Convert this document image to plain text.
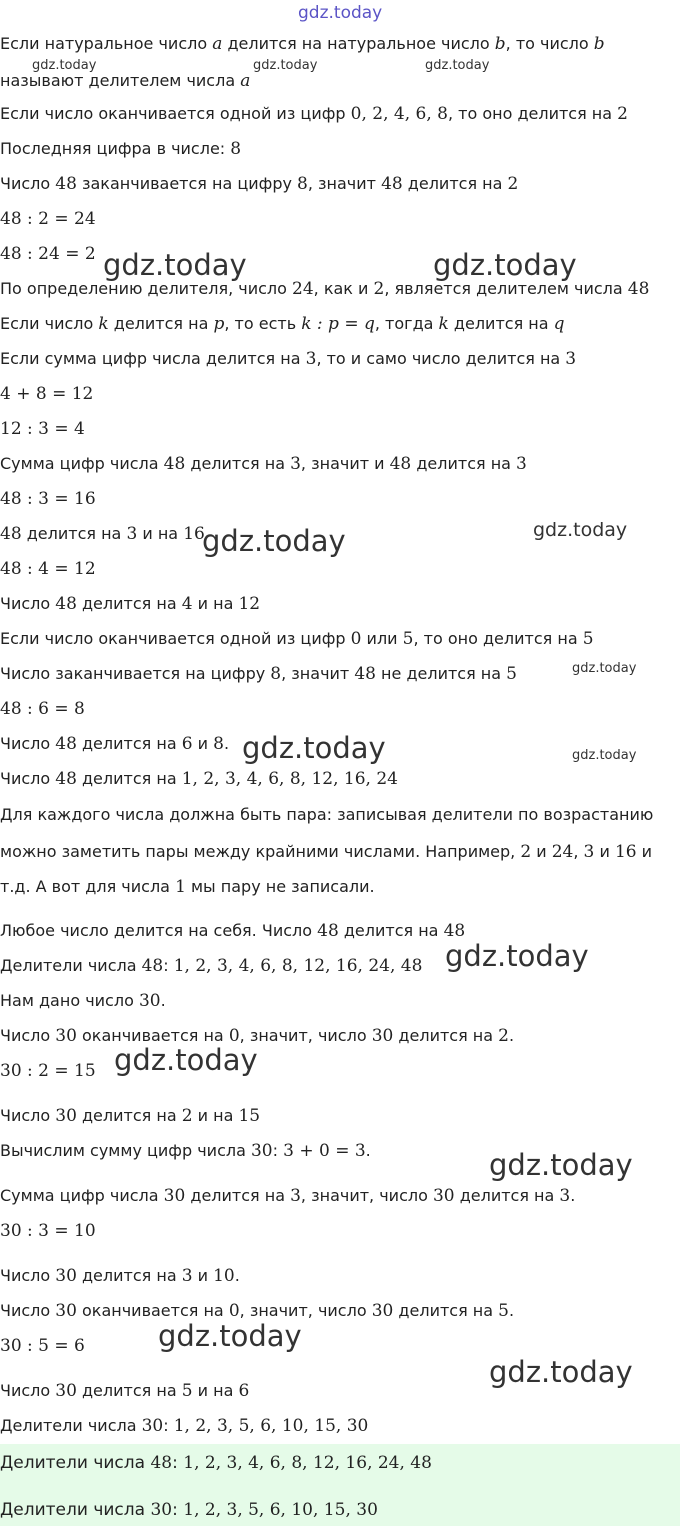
gdz.today
gdz.today	gdz.today	gdz.today
gdz.today	gdz.today
gdz.today
gdz.today
gdz.today
gdz.today	gdz.today
gdz.today
gdz.today
gdz.today
gdz.today
gdz.today
Если натуральное число a делится на натуральное число b, то число b
называют делителем числа a
Если число оканчивается одной из цифр 0, 2, 4, 6, 8, то оно делится на 2
Последняя цифра в числе: 8
Число 48 заканчивается на цифру 8, значит 48 делится на 2
48 : 2 = 24
48 : 24 = 2
По определению делителя, число 24, как и 2, является делителем числа 48
Если число k делится на p, то есть k : p = q, тогда k делится на q
Если сумма цифр числа делится на 3, то и само число делится на 3
4 + 8 = 12
12 : 3 = 4
Сумма цифр числа 48 делится на 3, значит и 48 делится на 3
48 : 3 = 16
48 делится на 3 и на 16
48 : 4 = 12
Число 48 делится на 4 и на 12
Если число оканчивается одной из цифр 0 или 5, то оно делится на 5
Число заканчивается на цифру 8, значит 48 не делится на 5
48 : 6 = 8
Число 48 делится на 6 и 8.
Число 48 делится на 1, 2, 3, 4, 6, 8, 12, 16, 24
Для каждого числа должна быть пара: записывая делители по возрастанию
можно заметить пары между крайними числами. Например, 2 и 24, 3 и 16 и
т.д. А вот для числа 1 мы пару не записали.
Любое число делится на себя. Число 48 делится на 48
Делители числа 48: 1, 2, 3, 4, 6, 8, 12, 16, 24, 48
Нам дано число 30.
Число 30 оканчивается на 0, значит, число 30 делится на 2.
30 : 2 = 15
Число 30 делится на 2 и на 15
Вычислим сумму цифр числа 30: 3 + 0 = 3.
Сумма цифр числа 30 делится на 3, значит, число 30 делится на 3.
30 : 3 = 10
Число 30 делится на 3 и 10.
Число 30 оканчивается на 0, значит, число 30 делится на 5.
30 : 5 = 6
Число 30 делится на 5 и на 6
Делители числа 30: 1, 2, 3, 5, 6, 10, 15, 30
Делители числа 48: 1, 2, 3, 4, 6, 8, 12, 16, 24, 48
Делители числа 30: 1, 2, 3, 5, 6, 10, 15, 30
